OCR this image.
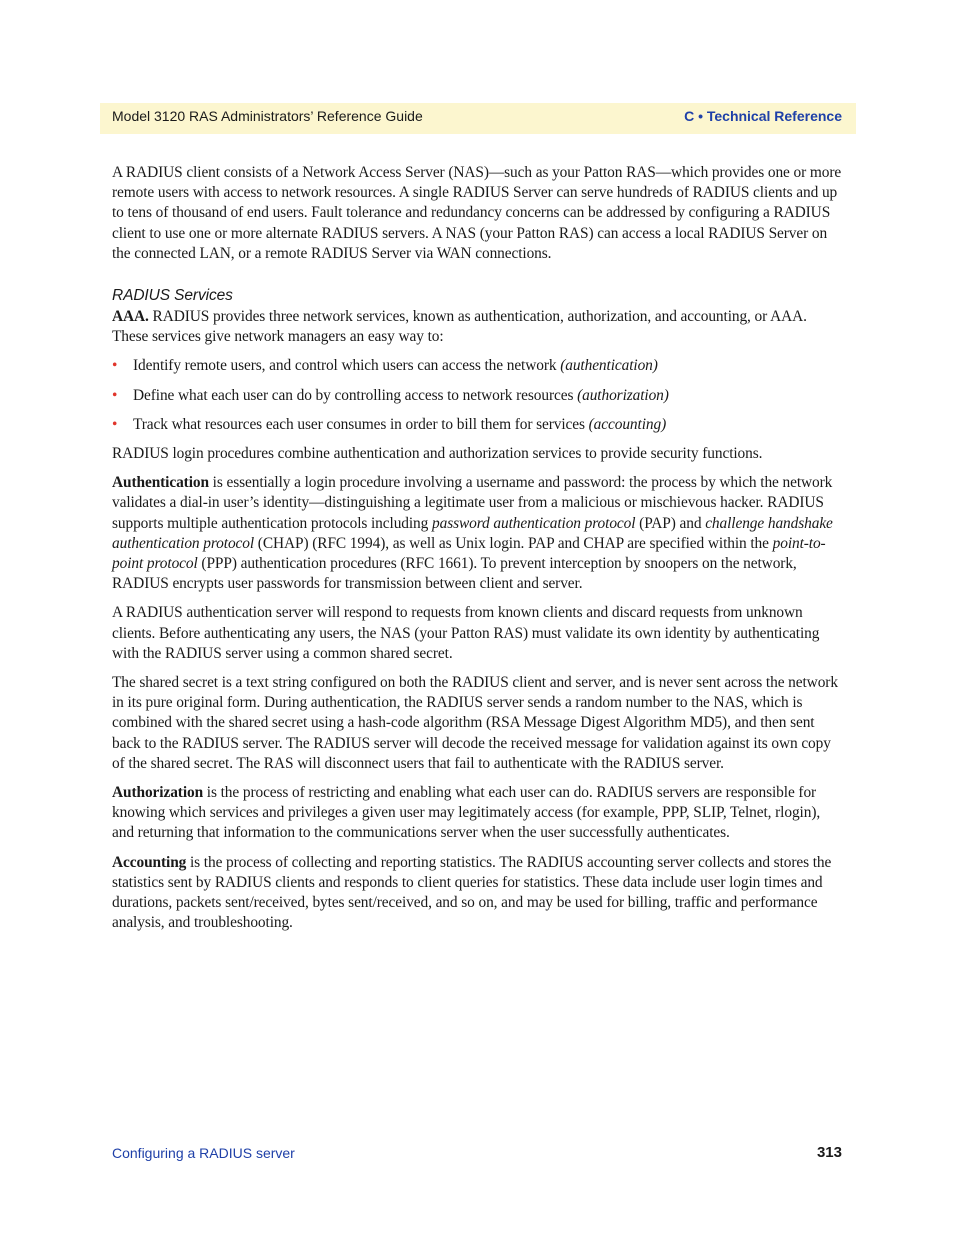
Model 3120 RAS Administrators’ Reference Guide	C • Technical Reference

A RADIUS client consists of a Network Access Server (NAS)—such as your Patton RAS—which provides one or more remote users with access to network resources. A single RADIUS Server can serve hundreds of RADIUS clients and up to tens of thousand of end users. Fault tolerance and redundancy concerns can be addressed by configuring a RADIUS client to use one or more alternate RADIUS servers. A NAS (your Patton RAS) can access a local RADIUS Server on the connected LAN, or a remote RADIUS Server via WAN connections.

RADIUS Services

AAA. RADIUS provides three network services, known as authentication, authorization, and accounting, or AAA. These services give network managers an easy way to:

• Identify remote users, and control which users can access the network (authentication)
• Define what each user can do by controlling access to network resources (authorization)
• Track what resources each user consumes in order to bill them for services (accounting)

RADIUS login procedures combine authentication and authorization services to provide security functions.

Authentication is essentially a login procedure involving a username and password: the process by which the network validates a dial-in user’s identity—distinguishing a legitimate user from a malicious or mischievous hacker. RADIUS supports multiple authentication protocols including password authentication protocol (PAP) and challenge handshake authentication protocol (CHAP) (RFC 1994), as well as Unix login. PAP and CHAP are specified within the point-to-point protocol (PPP) authentication procedures (RFC 1661). To prevent interception by snoopers on the network, RADIUS encrypts user passwords for transmission between client and server.

A RADIUS authentication server will respond to requests from known clients and discard requests from unknown clients. Before authenticating any users, the NAS (your Patton RAS) must validate its own identity by authenticating with the RADIUS server using a common shared secret.

The shared secret is a text string configured on both the RADIUS client and server, and is never sent across the network in its pure original form. During authentication, the RADIUS server sends a random number to the NAS, which is combined with the shared secret using a hash-code algorithm (RSA Message Digest Algorithm MD5), and then sent back to the RADIUS server. The RADIUS server will decode the received message for validation against its own copy of the shared secret. The RAS will disconnect users that fail to authenticate with the RADIUS server.

Authorization is the process of restricting and enabling what each user can do. RADIUS servers are responsible for knowing which services and privileges a given user may legitimately access (for example, PPP, SLIP, Telnet, rlogin), and returning that information to the communications server when the user successfully authenticates.

Accounting is the process of collecting and reporting statistics. The RADIUS accounting server collects and stores the statistics sent by RADIUS clients and responds to client queries for statistics. These data include user login times and durations, packets sent/received, bytes sent/received, and so on, and may be used for billing, traffic and performance analysis, and troubleshooting.

Configuring a RADIUS server	313
